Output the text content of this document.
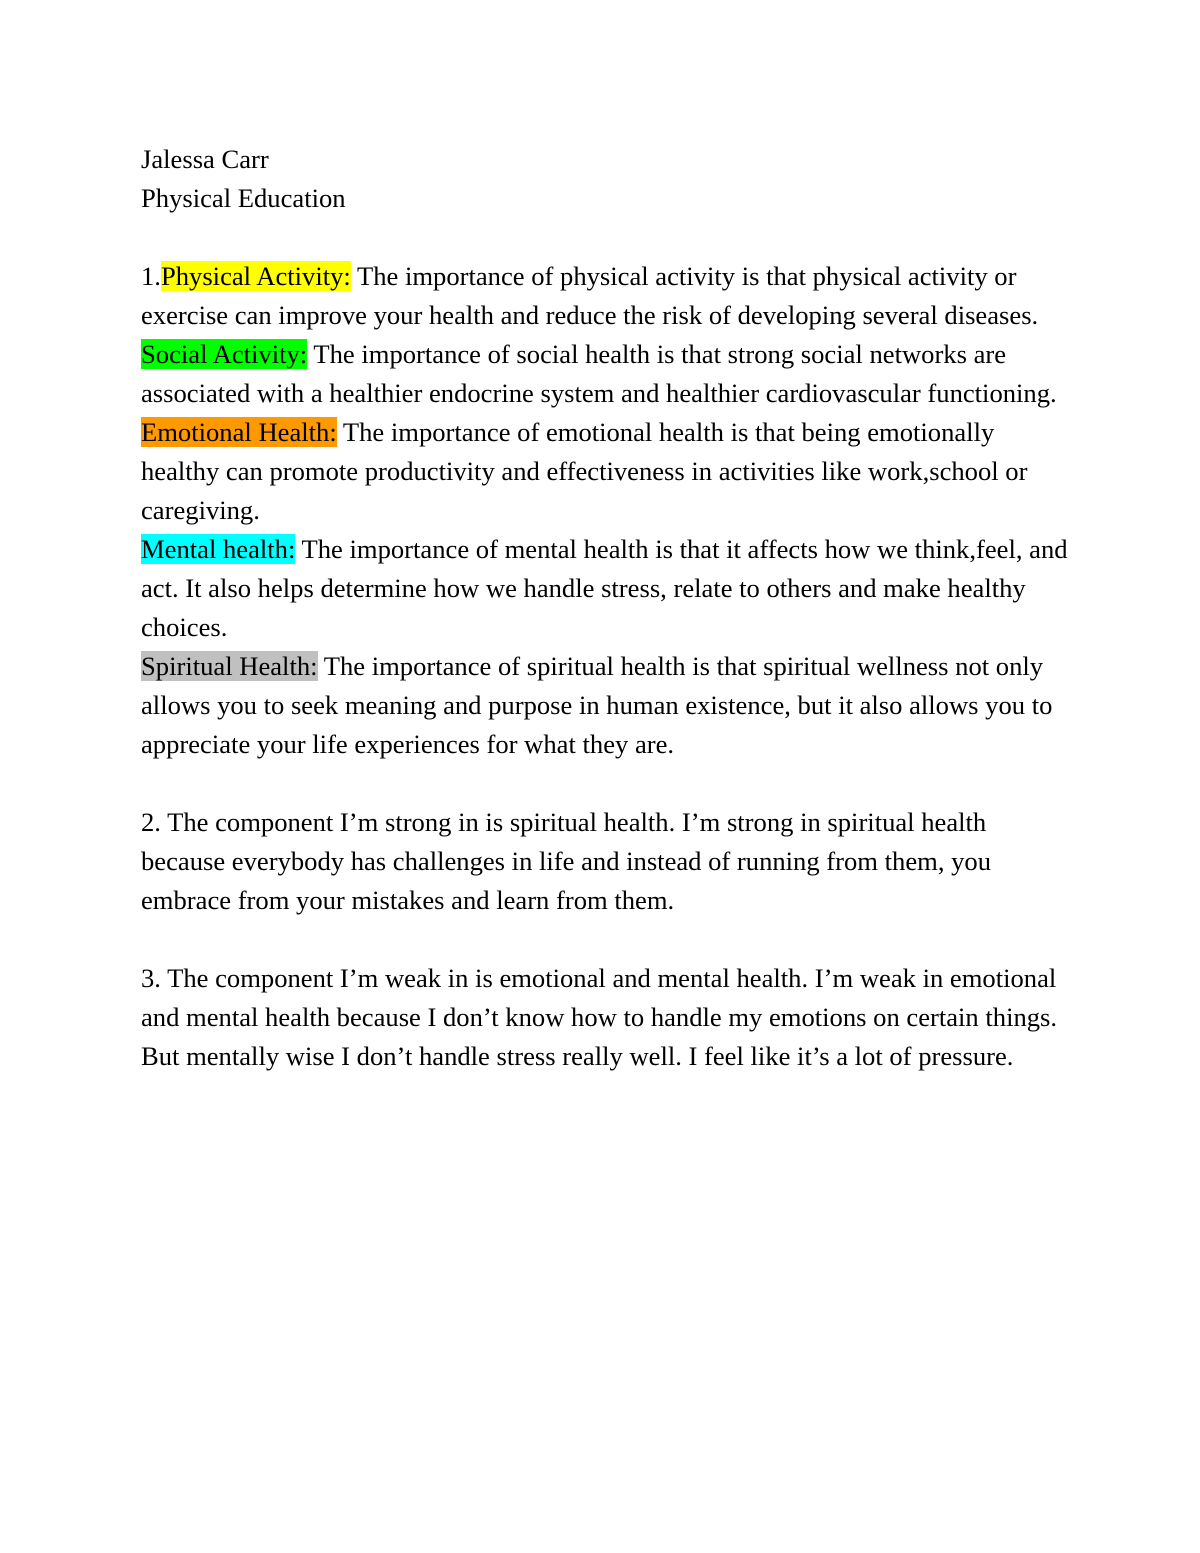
Jalessa Carr
Physical Education
1.Physical Activity: The importance of physical activity is that physical activity or exercise can improve your health and reduce the risk of developing several diseases.
Social Activity: The importance of social health is that strong social networks are associated with a healthier endocrine system and healthier cardiovascular functioning.
Emotional Health: The importance of emotional health is that being emotionally healthy can promote productivity and effectiveness in activities like work,school or caregiving.
Mental health: The importance of mental health is that it affects how we think,feel, and act. It also helps determine how we handle stress, relate to others and make healthy choices.
Spiritual Health: The importance of spiritual health is that spiritual wellness not only allows you to seek meaning and purpose in human existence, but it also allows you to appreciate your life experiences for what they are.
2. The component I’m strong in is spiritual health. I’m strong in spiritual health because everybody has challenges in life and instead of running from them, you embrace from your mistakes and learn from them.
3. The component I’m weak in is emotional and mental health. I’m weak in emotional and mental health because I don’t know how to handle my emotions on certain things. But mentally wise I don’t handle stress really well. I feel like it’s a lot of pressure.
